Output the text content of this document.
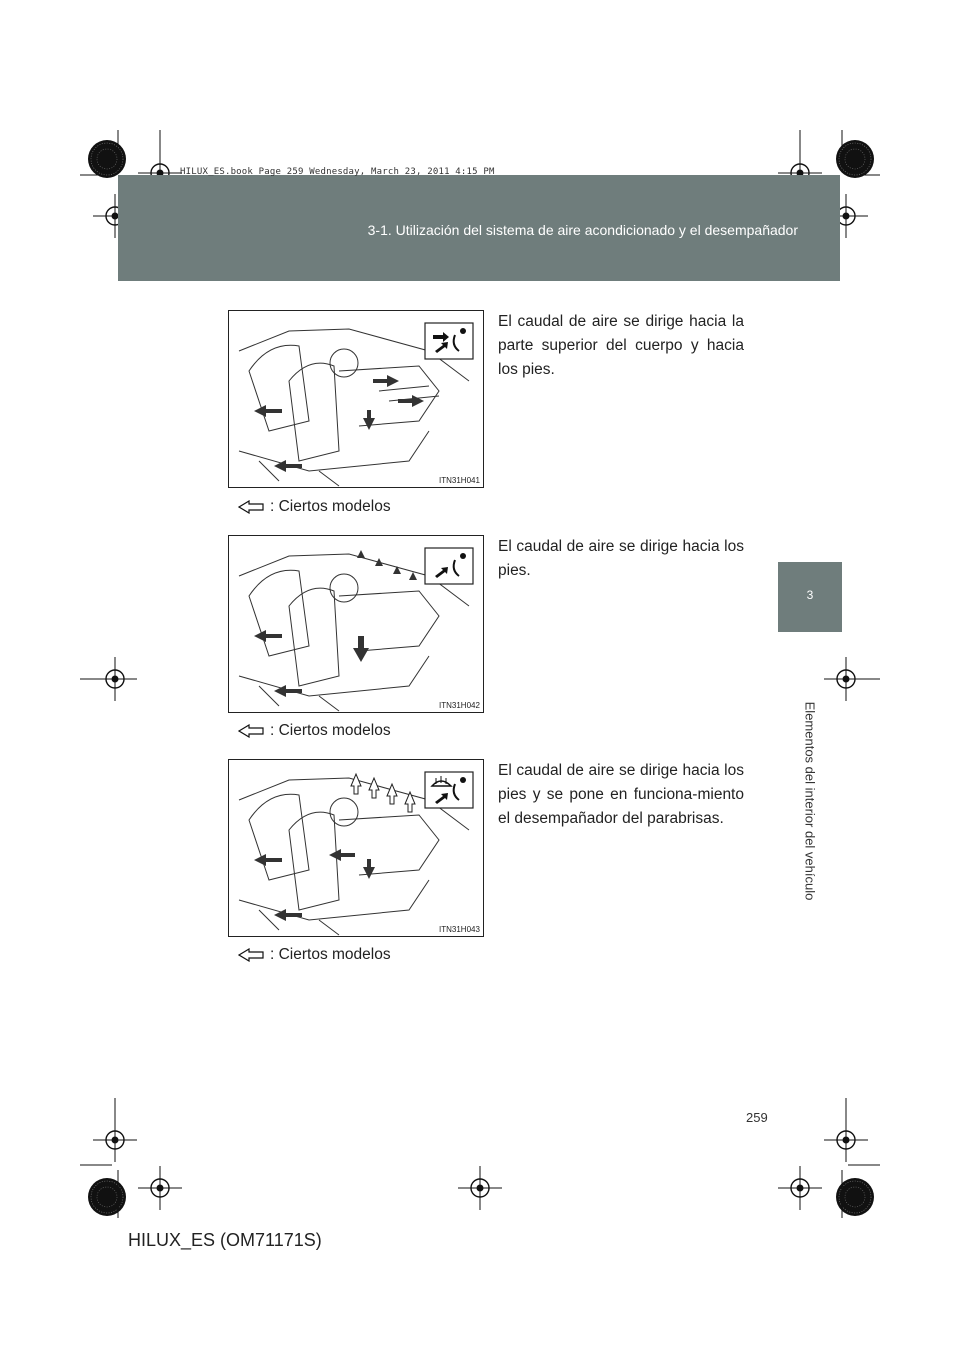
3-1. Utilización del sistema de aire acondicionado y el desempañador
HILUX_ES.book Page 259 Wednesday, March 23, 2011 4:15 PM
3
Elementos del interior del vehículo
ITN31H041
El caudal de aire se dirige hacia la parte superior del cuerpo y hacia los pies.
: Ciertos modelos
ITN31H042
El caudal de aire se dirige hacia los pies.
: Ciertos modelos
ITN31H043
El caudal de aire se dirige hacia los pies y se pone en funciona-miento el desempañador del parabrisas.
: Ciertos modelos
259
HILUX_ES (OM71171S)
